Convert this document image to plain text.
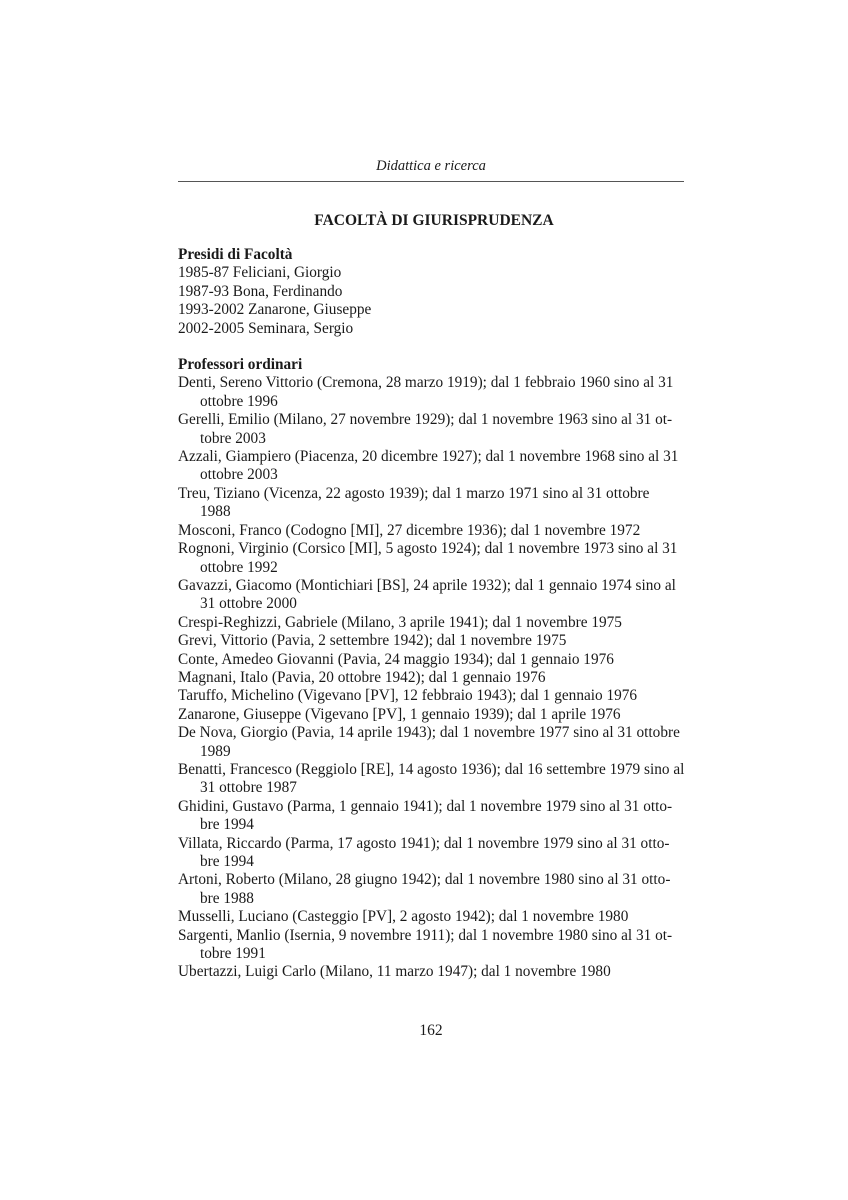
Didattica e ricerca
FACOLTÀ DI GIURISPRUDENZA
Presidi di Facoltà
1985-87 Feliciani, Giorgio
1987-93 Bona, Ferdinando
1993-2002 Zanarone, Giuseppe
2002-2005 Seminara, Sergio
Professori ordinari
Denti, Sereno Vittorio (Cremona, 28 marzo 1919); dal 1 febbraio 1960 sino al 31
ottobre 1996
Gerelli, Emilio (Milano, 27 novembre 1929); dal 1 novembre 1963 sino al 31 ot-
tobre 2003
Azzali, Giampiero (Piacenza, 20 dicembre 1927); dal 1 novembre 1968 sino al 31
ottobre 2003
Treu, Tiziano (Vicenza, 22 agosto 1939); dal 1 marzo 1971 sino al 31 ottobre
1988
Mosconi, Franco (Codogno [MI], 27 dicembre 1936); dal 1 novembre 1972
Rognoni, Virginio (Corsico [MI], 5 agosto 1924); dal 1 novembre 1973 sino al 31
ottobre 1992
Gavazzi, Giacomo (Montichiari [BS], 24 aprile 1932); dal 1 gennaio 1974 sino al
31 ottobre 2000
Crespi-Reghizzi, Gabriele (Milano, 3 aprile 1941); dal 1 novembre 1975
Grevi, Vittorio (Pavia, 2 settembre 1942); dal 1 novembre 1975
Conte, Amedeo Giovanni (Pavia, 24 maggio 1934); dal 1 gennaio 1976
Magnani, Italo (Pavia, 20 ottobre 1942); dal 1 gennaio 1976
Taruffo, Michelino (Vigevano [PV], 12 febbraio 1943); dal 1 gennaio 1976
Zanarone, Giuseppe (Vigevano [PV], 1 gennaio 1939); dal 1 aprile 1976
De Nova, Giorgio (Pavia, 14 aprile 1943); dal 1 novembre 1977 sino al 31 ottobre
1989
Benatti, Francesco (Reggiolo [RE], 14 agosto 1936); dal 16 settembre 1979 sino al
31 ottobre 1987
Ghidini, Gustavo (Parma, 1 gennaio 1941); dal 1 novembre 1979 sino al 31 otto-
bre 1994
Villata, Riccardo (Parma, 17 agosto 1941); dal 1 novembre 1979 sino al 31 otto-
bre 1994
Artoni, Roberto (Milano, 28 giugno 1942); dal 1 novembre 1980 sino al 31 otto-
bre 1988
Musselli, Luciano (Casteggio [PV], 2 agosto 1942); dal 1 novembre 1980
Sargenti, Manlio (Isernia, 9 novembre 1911); dal 1 novembre 1980 sino al 31 ot-
tobre 1991
Ubertazzi, Luigi Carlo (Milano, 11 marzo 1947); dal 1 novembre 1980
162
